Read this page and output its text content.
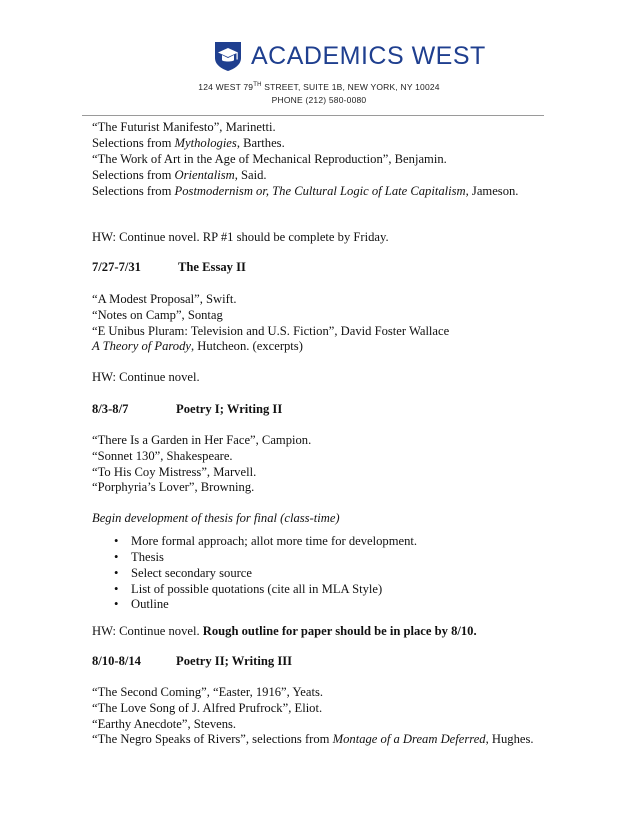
ACADEMICS WEST
124 WEST 79TH STREET, SUITE 1B, NEW YORK, NY 10024
PHONE (212) 580-0080
“The Futurist Manifesto”, Marinetti.
Selections from Mythologies, Barthes.
“The Work of Art in the Age of Mechanical Reproduction”, Benjamin.
Selections from Orientalism, Said.
Selections from Postmodernism or, The Cultural Logic of Late Capitalism, Jameson.
HW: Continue novel. RP #1 should be complete by Friday.
7/27-7/31	The Essay II
“A Modest Proposal”, Swift.
“Notes on Camp”, Sontag
“E Unibus Pluram: Television and U.S. Fiction”, David Foster Wallace
A Theory of Parody, Hutcheon. (excerpts)
HW: Continue novel.
8/3-8/7	Poetry I; Writing II
“There Is a Garden in Her Face”, Campion.
“Sonnet 130”, Shakespeare.
“To His Coy Mistress”, Marvell.
“Porphyria’s Lover”, Browning.
Begin development of thesis for final (class-time)
• More formal approach; allot more time for development.
• Thesis
• Select secondary source
• List of possible quotations (cite all in MLA Style)
• Outline
HW: Continue novel. Rough outline for paper should be in place by 8/10.
8/10-8/14	Poetry II; Writing III
“The Second Coming”, “Easter, 1916”, Yeats.
“The Love Song of J. Alfred Prufrock”, Eliot.
“Earthy Anecdote”, Stevens.
“The Negro Speaks of Rivers”, selections from Montage of a Dream Deferred, Hughes.
